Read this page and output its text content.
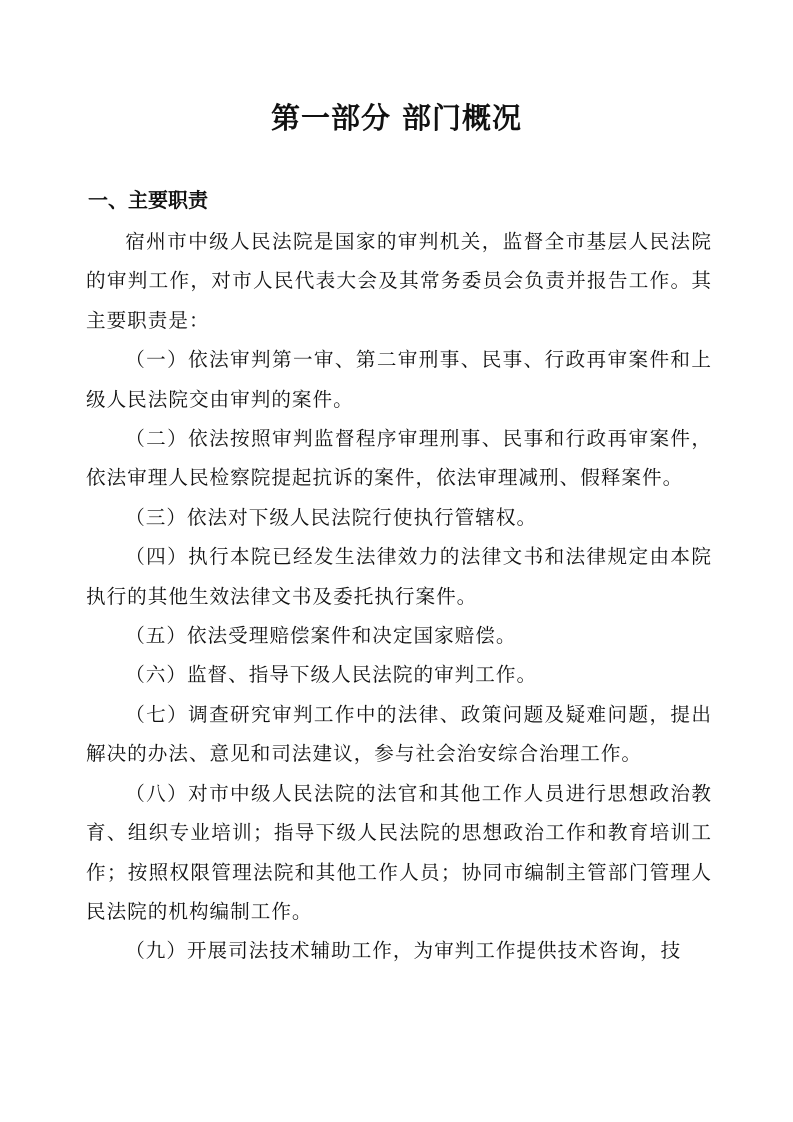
第一部分 部门概况
一、主要职责

宿州市中级人民法院是国家的审判机关，监督全市基层人民法院的审判工作，对市人民代表大会及其常务委员会负责并报告工作。其主要职责是：

（一）依法审判第一审、第二审刑事、民事、行政再审案件和上级人民法院交由审判的案件。

（二）依法按照审判监督程序审理刑事、民事和行政再审案件，依法审理人民检察院提起抗诉的案件，依法审理减刑、假释案件。

（三）依法对下级人民法院行使执行管辖权。

（四）执行本院已经发生法律效力的法律文书和法律规定由本院执行的其他生效法律文书及委托执行案件。

（五）依法受理赔偿案件和决定国家赔偿。

（六）监督、指导下级人民法院的审判工作。

（七）调查研究审判工作中的法律、政策问题及疑难问题，提出解决的办法、意见和司法建议，参与社会治安综合治理工作。

（八）对市中级人民法院的法官和其他工作人员进行思想政治教育、组织专业培训；指导下级人民法院的思想政治工作和教育培训工作；按照权限管理法院和其他工作人员；协同市编制主管部门管理人民法院的机构编制工作。

（九）开展司法技术辅助工作，为审判工作提供技术咨询，技
